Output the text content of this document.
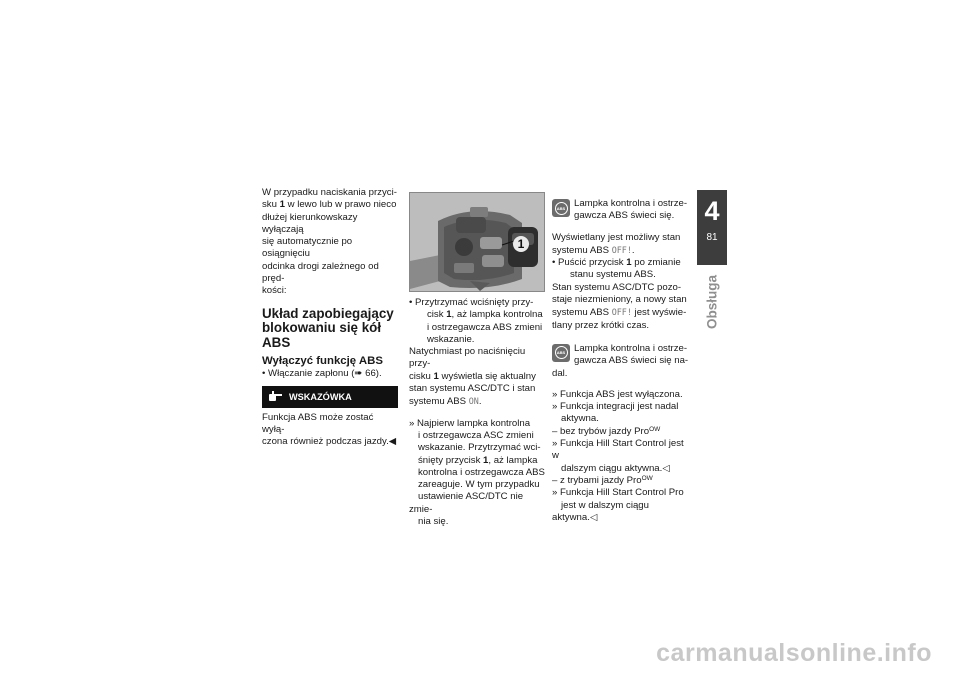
W przypadku naciskania przyci-
sku 1 w lewo lub w prawo nieco
dłużej kierunkowskazy wyłączają
się automatycznie po osiągnięciu
odcinka drogi zależnego od pręd-
kości:

Układ zapobiegający
blokowaniu się kół ABS

Wyłączyć funkcję ABS

• Włączanie zapłonu (➠ 66).

WSKAZÓWKA

Funkcja ABS może zostać wyłą-
czona również podczas jazdy.◀

1

• Przytrzymać wciśnięty przy-
cisk 1, aż lampka kontrolna
i ostrzegawcza ABS zmieni
wskazanie.

Natychmiast po naciśnięciu przy-
cisku 1 wyświetla się aktualny
stan systemu ASC/DTC i stan
systemu ABS ON.

» Najpierw lampka kontrolna
i ostrzegawcza ASC zmieni
wskazanie. Przytrzymać wci-
śnięty przycisk 1, aż lampka
kontrolna i ostrzegawcza ABS
zareaguje. W tym przypadku
ustawienie ASC/DTC nie zmie-
nia się.

ABS Lampka kontrolna i ostrze-
gawcza ABS świeci się.

Wyświetlany jest możliwy stan
systemu ABS OFF!.

• Puścić przycisk 1 po zmianie
stanu systemu ABS.

Stan systemu ASC/DTC pozo-
staje niezmieniony, a nowy stan
systemu ABS OFF! jest wyświe-
tlany przez krótki czas.

ABS Lampka kontrolna i ostrze-
gawcza ABS świeci się na-
dal.

» Funkcja ABS jest wyłączona.
» Funkcja integracji jest nadal
aktywna.
– bez trybów jazdy Pro$^{OW}$
» Funkcja Hill Start Control jest w
dalszym ciągu aktywna.◁
– z trybami jazdy Pro$^{OW}$
» Funkcja Hill Start Control Pro
jest w dalszym ciągu aktywna.◁

4
81
Obsługa
carmanualsonline.info
